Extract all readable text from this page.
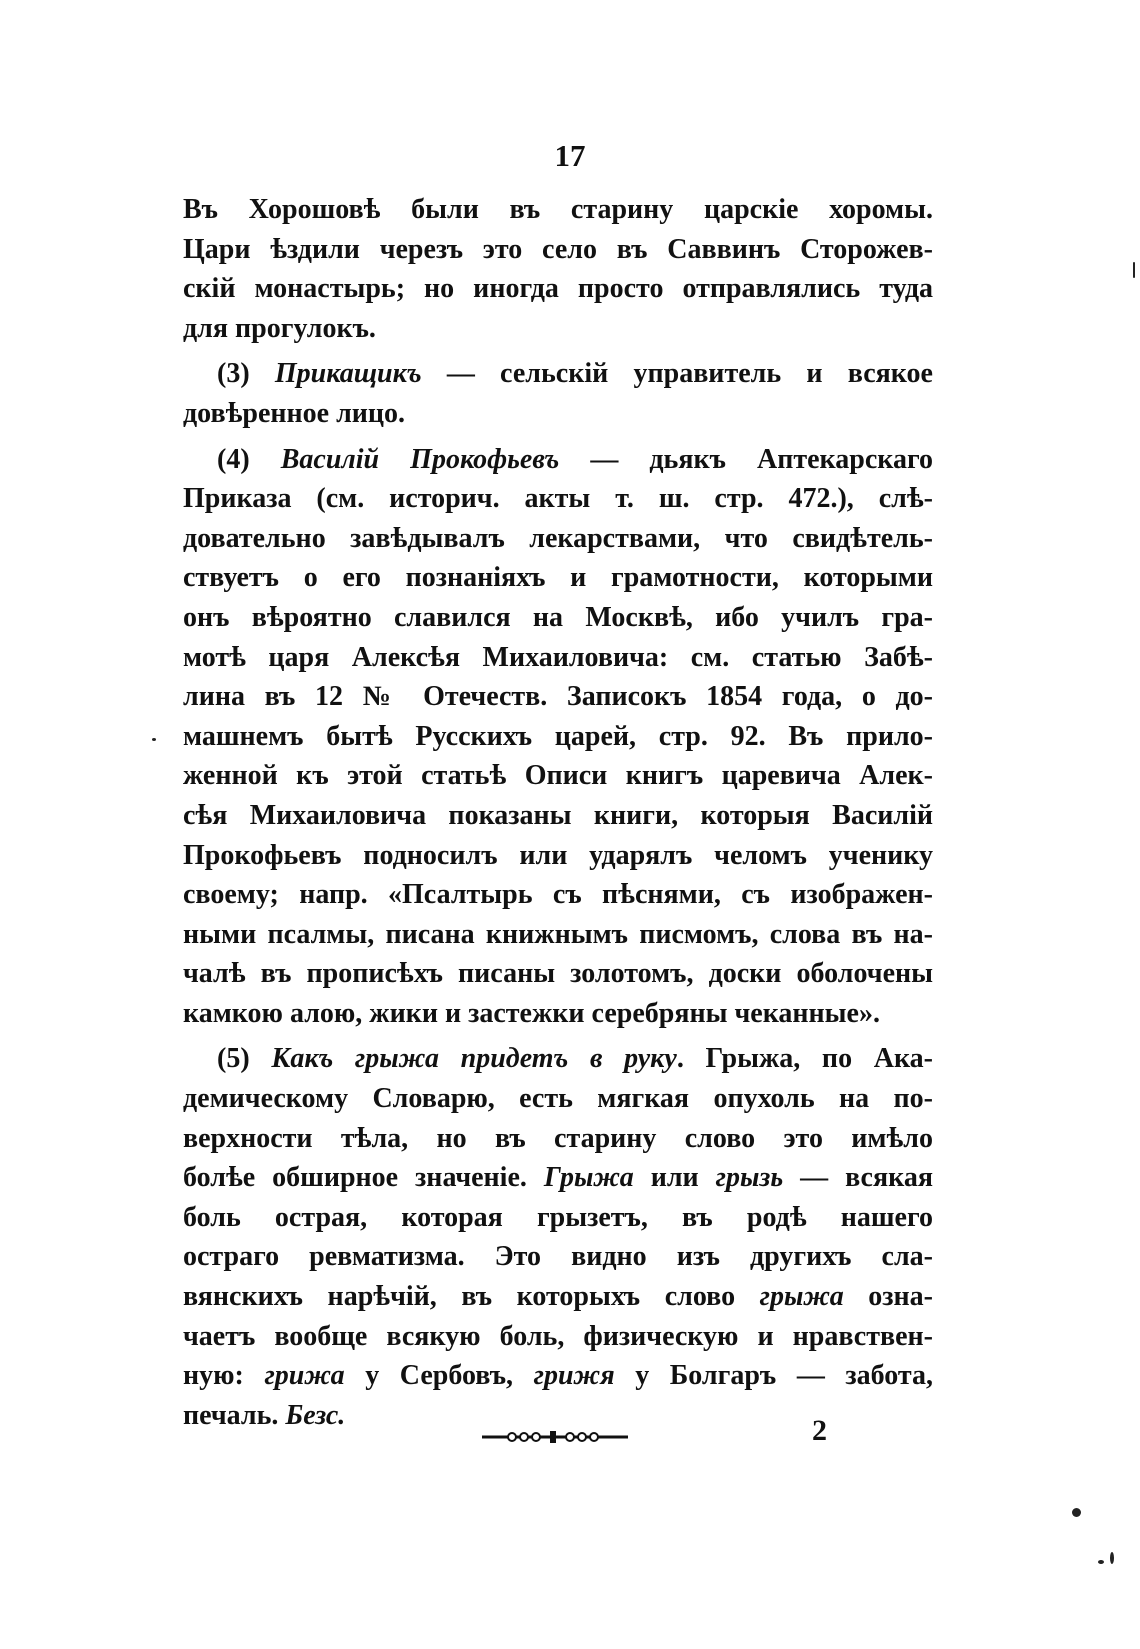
17
Въ Хорошовѣ были въ старину царскіе хоромы.
Цари ѣздили черезъ это село въ Саввинъ Сторожев-
скій монастырь; но иногда просто отправлялись туда
для прогулокъ.
(3) Прикащикъ — сельскій управитель и всякое
довѣренное лицо.
(4) Василій Прокофьевъ — дьякъ Аптекарскаго
Приказа (см. историч. акты т. ш. стр. 472.), слѣ-
довательно завѣдывалъ лекарствами, что свидѣтель-
ствуетъ о его познаніяхъ и грамотности, которыми
онъ вѣроятно славился на Москвѣ, ибо училъ гра-
мотѣ царя Алексѣя Михаиловича: см. статью Забѣ-
лина въ 12 № Отечеств. Записокъ 1854 года, о до-
машнемъ бытѣ Русскихъ царей, стр. 92. Въ прило-
женной къ этой статьѣ Описи книгъ царевича Алек-
сѣя Михаиловича показаны книги, которыя Василій
Прокофьевъ подносилъ или ударялъ челомъ ученику
своему; напр. «Псалтырь съ пѣснями, съ изображен-
ными псалмы, писана книжнымъ писмомъ, слова въ на-
чалѣ въ прописѣхъ писаны золотомъ, доски оболочены
камкою алою, жики и застежки серебряны чеканные».
(5) Какъ грыжа придетъ в руку. Грыжа, по Ака-
демическому Словарю, есть мягкая опухоль на по-
верхности тѣла, но въ старину слово это имѣло
болѣе обширное значеніе. Грыжа или грызь — всякая
боль острая, которая грызетъ, въ родѣ нашего
остраго ревматизма. Это видно изъ другихъ сла-
вянскихъ нарѣчій, въ которыхъ слово грыжа озна-
чаетъ вообще всякую боль, физическую и нравствен-
ную: грижа у Сербовъ, грижя у Болгаръ — забота,
печаль. Безс.	2
